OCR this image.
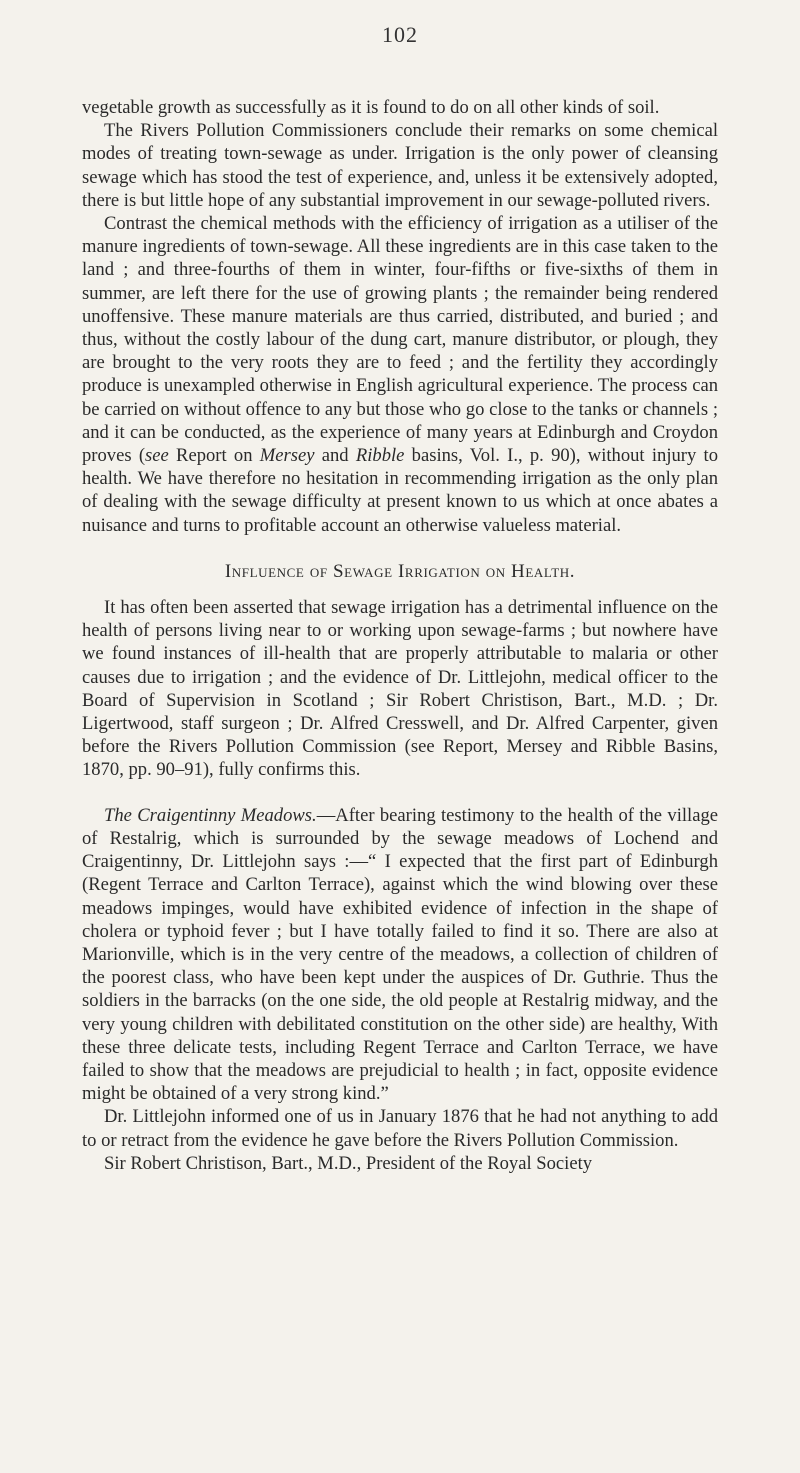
102

vegetable growth as successfully as it is found to do on all other kinds of soil.

The Rivers Pollution Commissioners conclude their remarks on some chemical modes of treating town-sewage as under. Irrigation is the only power of cleansing sewage which has stood the test of experience, and, unless it be extensively adopted, there is but little hope of any substantial improvement in our sewage-polluted rivers.

Contrast the chemical methods with the efficiency of irrigation as a utiliser of the manure ingredients of town-sewage. All these ingredients are in this case taken to the land ; and three-fourths of them in winter, four-fifths or five-sixths of them in summer, are left there for the use of growing plants ; the remainder being rendered unoffensive. These manure materials are thus carried, distributed, and buried ; and thus, without the costly labour of the dung cart, manure distributor, or plough, they are brought to the very roots they are to feed ; and the fertility they accordingly produce is unexampled otherwise in English agricultural experience. The process can be carried on without offence to any but those who go close to the tanks or channels ; and it can be conducted, as the experience of many years at Edinburgh and Croydon proves (see Report on Mersey and Ribble basins, Vol. I., p. 90), without injury to health. We have therefore no hesitation in recommending irrigation as the only plan of dealing with the sewage difficulty at present known to us which at once abates a nuisance and turns to profitable account an otherwise valueless material.

Influence of Sewage Irrigation on Health.

It has often been asserted that sewage irrigation has a detrimental influence on the health of persons living near to or working upon sewage-farms ; but nowhere have we found instances of ill-health that are properly attributable to malaria or other causes due to irrigation ; and the evidence of Dr. Littlejohn, medical officer to the Board of Supervision in Scotland ; Sir Robert Christison, Bart., M.D. ; Dr. Ligertwood, staff surgeon ; Dr. Alfred Cresswell, and Dr. Alfred Carpenter, given before the Rivers Pollution Commission (see Report, Mersey and Ribble Basins, 1870, pp. 90–91), fully confirms this.

The Craigentinny Meadows.—After bearing testimony to the health of the village of Restalrig, which is surrounded by the sewage meadows of Lochend and Craigentinny, Dr. Littlejohn says :—“ I expected that the first part of Edinburgh (Regent Terrace and Carlton Terrace), against which the wind blowing over these meadows impinges, would have exhibited evidence of infection in the shape of cholera or typhoid fever ; but I have totally failed to find it so. There are also at Marionville, which is in the very centre of the meadows, a collection of children of the poorest class, who have been kept under the auspices of Dr. Guthrie. Thus the soldiers in the barracks (on the one side, the old people at Restalrig midway, and the very young children with debilitated constitution on the other side) are healthy, With these three delicate tests, including Regent Terrace and Carlton Terrace, we have failed to show that the meadows are prejudicial to health ; in fact, opposite evidence might be obtained of a very strong kind.”

Dr. Littlejohn informed one of us in January 1876 that he had not anything to add to or retract from the evidence he gave before the Rivers Pollution Commission.

Sir Robert Christison, Bart., M.D., President of the Royal Society
